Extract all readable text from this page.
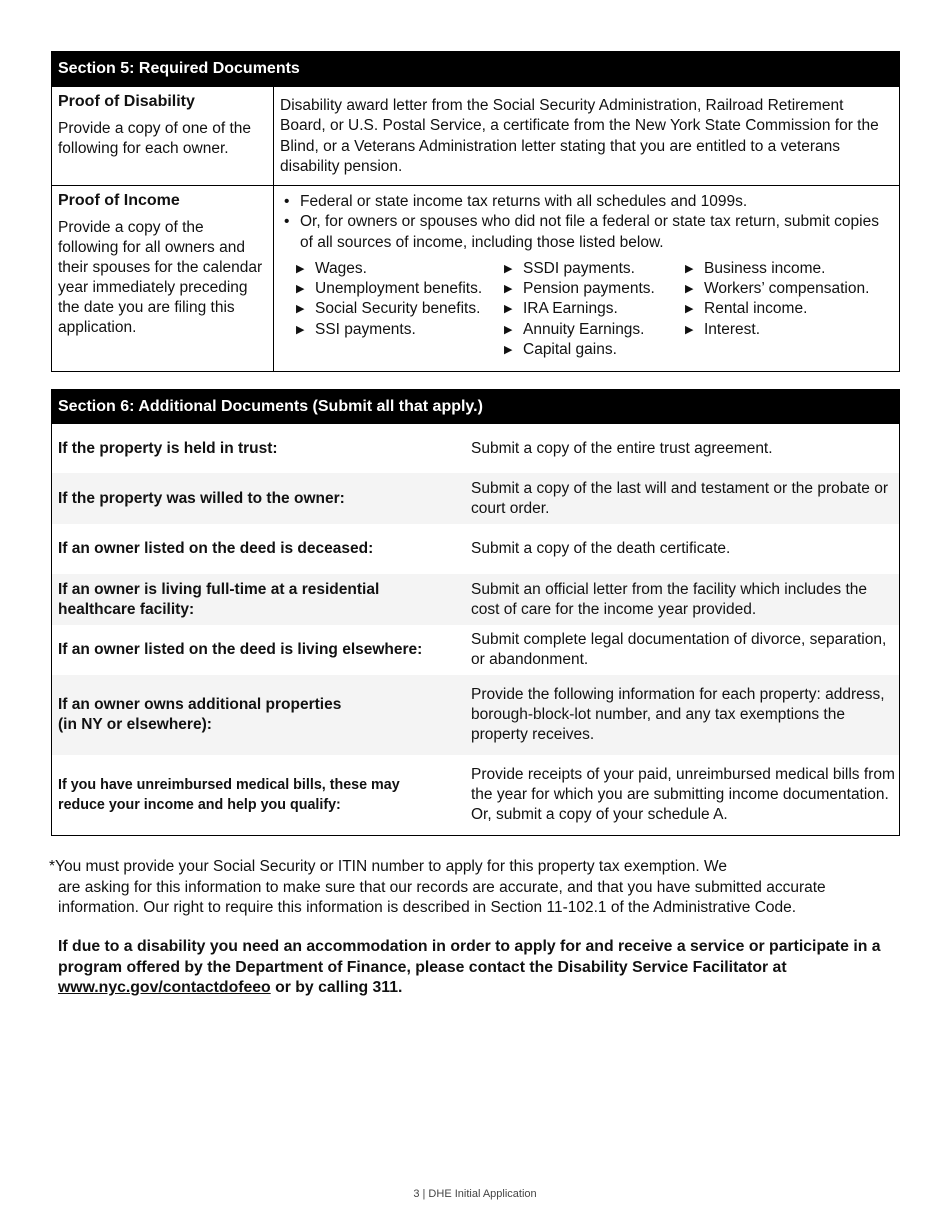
Section 5: Required Documents
Proof of Disability
Provide a copy of one of the following for each owner.
Disability award letter from the Social Security Administration, Railroad Retirement Board, or U.S. Postal Service, a certificate from the New York State Commission for the Blind, or a Veterans Administration letter stating that you are entitled to a veterans disability pension.
Proof of Income
Provide a copy of the following for all owners and their spouses for the calendar year immediately preceding the date you are filing this application.
• Federal or state income tax returns with all schedules and 1099s.
• Or, for owners or spouses who did not file a federal or state tax return, submit copies of all sources of income, including those listed below.
▶ Wages.
▶ Unemployment benefits.
▶ Social Security benefits.
▶ SSI payments.
▶ SSDI payments.
▶ Pension payments.
▶ IRA Earnings.
▶ Annuity Earnings.
▶ Capital gains.
▶ Business income.
▶ Workers’ compensation.
▶ Rental income.
▶ Interest.
Section 6: Additional Documents (Submit all that apply.)
If the property is held in trust:	Submit a copy of the entire trust agreement.
If the property was willed to the owner:
Submit a copy of the last will and testament or the probate or court order.
If an owner listed on the deed is deceased:	Submit a copy of the death certificate.
If an owner is living full-time at a residential healthcare facility:
Submit an official letter from the facility which includes the cost of care for the income year provided.
If an owner listed on the deed is living elsewhere:
Submit complete legal documentation of divorce, separation, or abandonment.
If an owner owns additional properties
(in NY or elsewhere):
Provide the following information for each property: address, borough-block-lot number, and any tax exemptions the property receives.
If you have unreimbursed medical bills, these may reduce your income and help you qualify:
Provide receipts of your paid, unreimbursed medical bills from the year for which you are submitting income documentation. Or, submit a copy of your schedule A.
*You must provide your Social Security or ITIN number to apply for this property tax exemption. We
are asking for this information to make sure that our records are accurate, and that you have submitted accurate
information. Our right to require this information is described in Section 11-102.1 of the Administrative Code.
If due to a disability you need an accommodation in order to apply for and receive a service or participate in a program offered by the Department of Finance, please contact the Disability Service Facilitator at www.nyc.gov/contactdofeeo or by calling 311.
3 | DHE Initial Application
